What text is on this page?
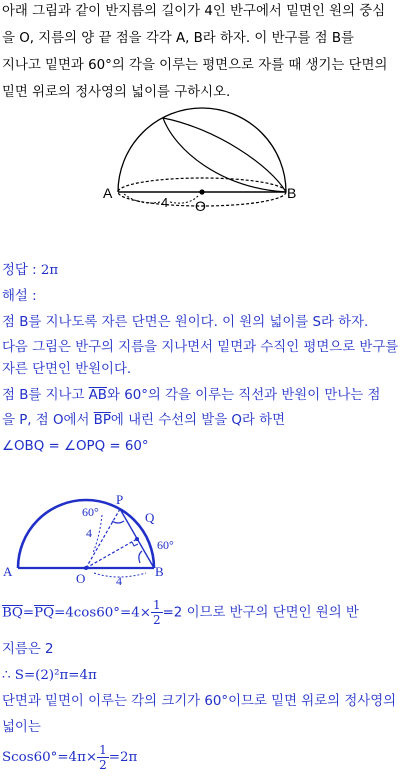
아래 그림과 같이 반지름의 길이가 4인 반구에서 밑면인 원의 중심
을 O, 지름의 양 끝 점을 각각 A, B라 하자. 이 반구를 점 B를
지나고 밑면과 60°의 각을 이루는 평면으로 자를 때 생기는 단면의
밑면 위로의 정사영의 넓이를 구하시오.
A	B
O
4
정답 : 2π
해설 :
점 B를 지나도록 자른 단면은 원이다. 이 원의 넓이를 S라 하자.
다음 그림은 반구의 지름을 지나면서 밑면과 수직인 평면으로 반구를
자른 단면인 반원이다.
점 B를 지나고 $\overline{AB}$와 60°의 각을 이루는 직선과 반원이 만나는 점
을 P, 점 O에서 $\overline{BP}$에 내린 수선의 발을 Q라 하면
∠OBQ = ∠OPQ = 60°
P
Q
A	O	B
60°
60°
4
4
$\overline{BQ}=\overline{PQ}=4\cos 60^\circ=4\times \frac{1}{2} =2$ 이므로 반구의 단면인 원의 반
지름은 2
∴ S=(2)²π=4π
단면과 밑면이 이루는 각의 크기가 60°이므로 밑면 위로의 정사영의
넓이는
$Scos60^\circ=4\pi\times \frac{1}{2} =2\pi$
